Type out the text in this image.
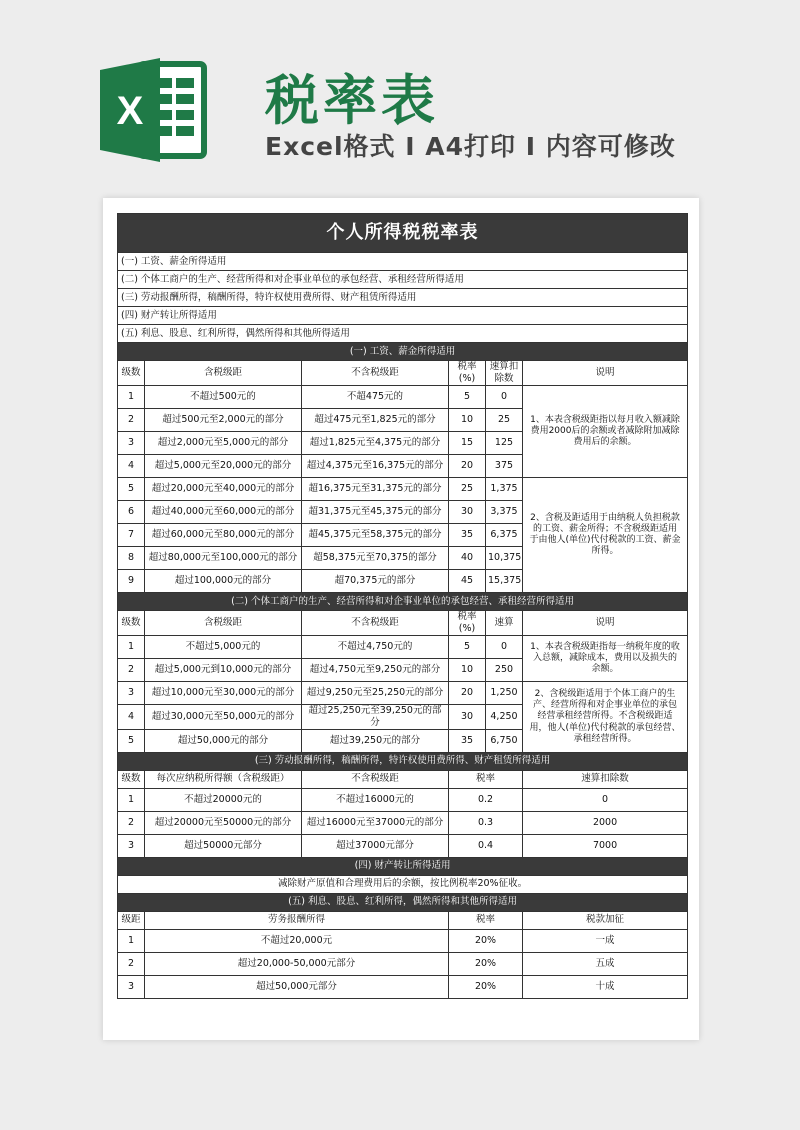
X 税率表
Excel格式 I A4打印 I 内容可修改
个人所得税税率表					
(一) 工资、薪金所得适用					
(二) 个体工商户的生产、经营所得和对企事业单位的承包经营、承租经营所得适用					
(三) 劳动报酬所得，稿酬所得，特许权使用费所得、财产租赁所得适用					
(四) 财产转让所得适用					
(五) 利息、股息、红利所得，偶然所得和其他所得适用					
(一) 工资、薪金所得适用					
级数	含税级距	不含税级距	税率(%)	速算扣除数	说明
1	不超过500元的	不超475元的	5	0	1、本表含税级距指以每月收入额减除费用2000后的余额或者减除附加减除费用后的余额。
2	超过500元至2,000元的部分	超过475元至1,825元的部分	10	25	
3	超过2,000元至5,000元的部分	超过1,825元至4,375元的部分	15	125	
4	超过5,000元至20,000元的部分	超过4,375元至16,375元的部分	20	375	
5	超过20,000元至40,000元的部分	超16,375元至31,375元的部分	25	1,375	2、含税及距适用于由纳税人负担税款的工资、薪金所得；不含税级距适用于由他人(单位)代付税款的工资、薪金所得。
6	超过40,000元至60,000元的部分	超31,375元至45,375元的部分	30	3,375	
7	超过60,000元至80,000元的部分	超45,375元至58,375元的部分	35	6,375	
8	超过80,000元至100,000元的部分	超58,375元至70,375的部分	40	10,375	
9	超过100,000元的部分	超70,375元的部分	45	15,375	
(二) 个体工商户的生产、经营所得和对企事业单位的承包经营、承租经营所得适用					
级数	含税级距	不含税级距	税率(%)	速算	说明
1	不超过5,000元的	不超过4,750元的	5	0	1、本表含税级距指每一纳税年度的收入总额，减除成本，费用以及损失的余额。
2	超过5,000元到10,000元的部分	超过4,750元至9,250元的部分	10	250	
3	超过10,000元至30,000元的部分	超过9,250元至25,250元的部分	20	1,250	2、含税级距适用于个体工商户的生产、经营所得和对企事业单位的承包经营承租经营所得。不含税级距适用，他人(单位)代付税款的承包经营、承租经营所得。
4	超过30,000元至50,000元的部分	超过25,250元至39,250元的部分	30	4,250	
5	超过50,000元的部分	超过39,250元的部分	35	6,750	
(三) 劳动报酬所得，稿酬所得，特许权使用费所得、财产租赁所得适用					
级数	每次应纳税所得额（含税级距）	不含税级距	税率		速算扣除数
1	不超过20000元的	不超过16000元的	0.2		0
2	超过20000元至50000元的部分	超过16000元至37000元的部分	0.3		2000
3	超过50000元部分	超过37000元部分	0.4		7000
(四) 财产转让所得适用					
减除财产原值和合理费用后的余额，按比例税率20%征收。					
(五) 利息、股息、红利所得，偶然所得和其他所得适用					
级距	劳务报酬所得		税率		税款加征
1	不超过20,000元		20%		一成
2	超过20,000-50,000元部分		20%		五成
3	超过50,000元部分		20%		十成
